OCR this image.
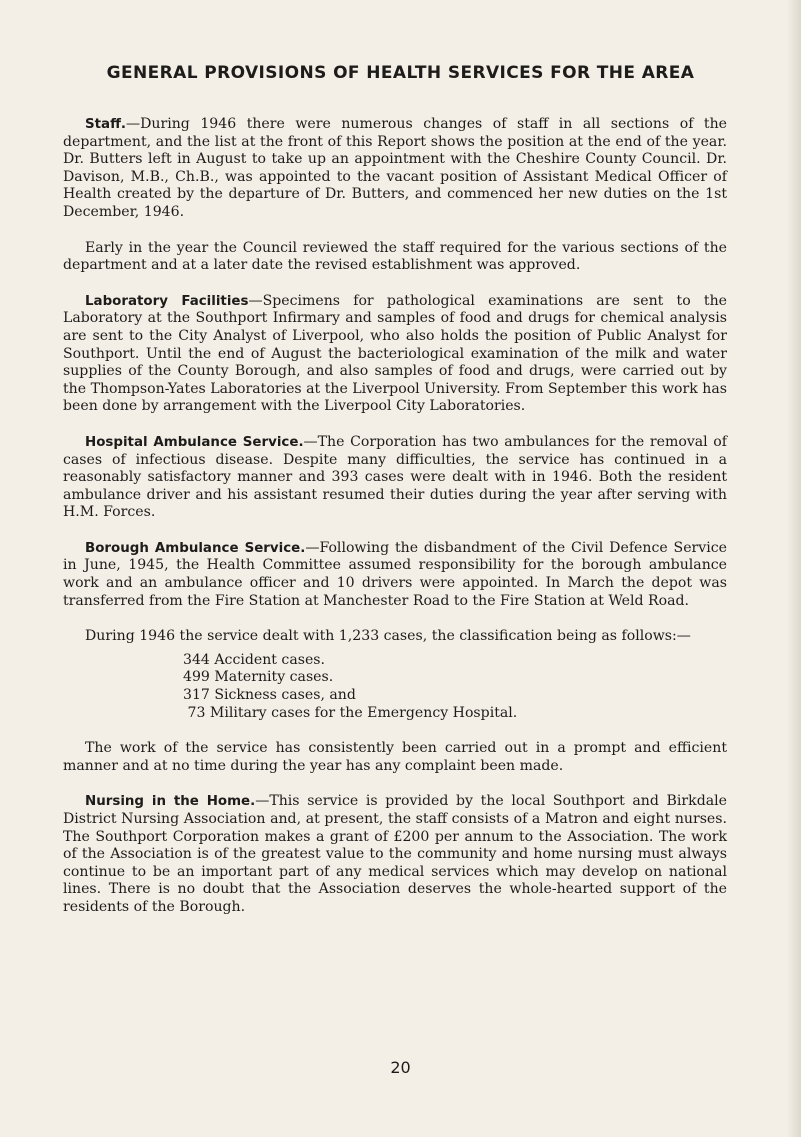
GENERAL PROVISIONS OF HEALTH SERVICES FOR THE AREA

Staff.—During 1946 there were numerous changes of staff in all sections of the department, and the list at the front of this Report shows the position at the end of the year. Dr. Butters left in August to take up an appointment with the Cheshire County Council. Dr. Davison, M.B., Ch.B., was appointed to the vacant position of Assistant Medical Officer of Health created by the departure of Dr. Butters, and commenced her new duties on the 1st December, 1946.

Early in the year the Council reviewed the staff required for the various sections of the department and at a later date the revised establishment was approved.

Laboratory Facilities—Specimens for pathological examinations are sent to the Laboratory at the Southport Infirmary and samples of food and drugs for chemical analysis are sent to the City Analyst of Liverpool, who also holds the position of Public Analyst for Southport. Until the end of August the bacteriological examination of the milk and water supplies of the County Borough, and also samples of food and drugs, were carried out by the Thompson-Yates Laboratories at the Liverpool University. From September this work has been done by arrangement with the Liverpool City Laboratories.

Hospital Ambulance Service.—The Corporation has two ambulances for the removal of cases of infectious disease. Despite many difficulties, the service has continued in a reasonably satisfactory manner and 393 cases were dealt with in 1946. Both the resident ambulance driver and his assistant resumed their duties during the year after serving with H.M. Forces.

Borough Ambulance Service.—Following the disbandment of the Civil Defence Service in June, 1945, the Health Committee assumed responsibility for the borough ambulance work and an ambulance officer and 10 drivers were appointed. In March the depot was transferred from the Fire Station at Manchester Road to the Fire Station at Weld Road.

During 1946 the service dealt with 1,233 cases, the classification being as follows:—

344 Accident cases.
499 Maternity cases.
317 Sickness cases, and
73 Military cases for the Emergency Hospital.

The work of the service has consistently been carried out in a prompt and efficient manner and at no time during the year has any complaint been made.

Nursing in the Home.—This service is provided by the local Southport and Birkdale District Nursing Association and, at present, the staff consists of a Matron and eight nurses. The Southport Corporation makes a grant of £200 per annum to the Association. The work of the Association is of the greatest value to the community and home nursing must always continue to be an important part of any medical services which may develop on national lines. There is no doubt that the Association deserves the whole-hearted support of the residents of the Borough.

20
